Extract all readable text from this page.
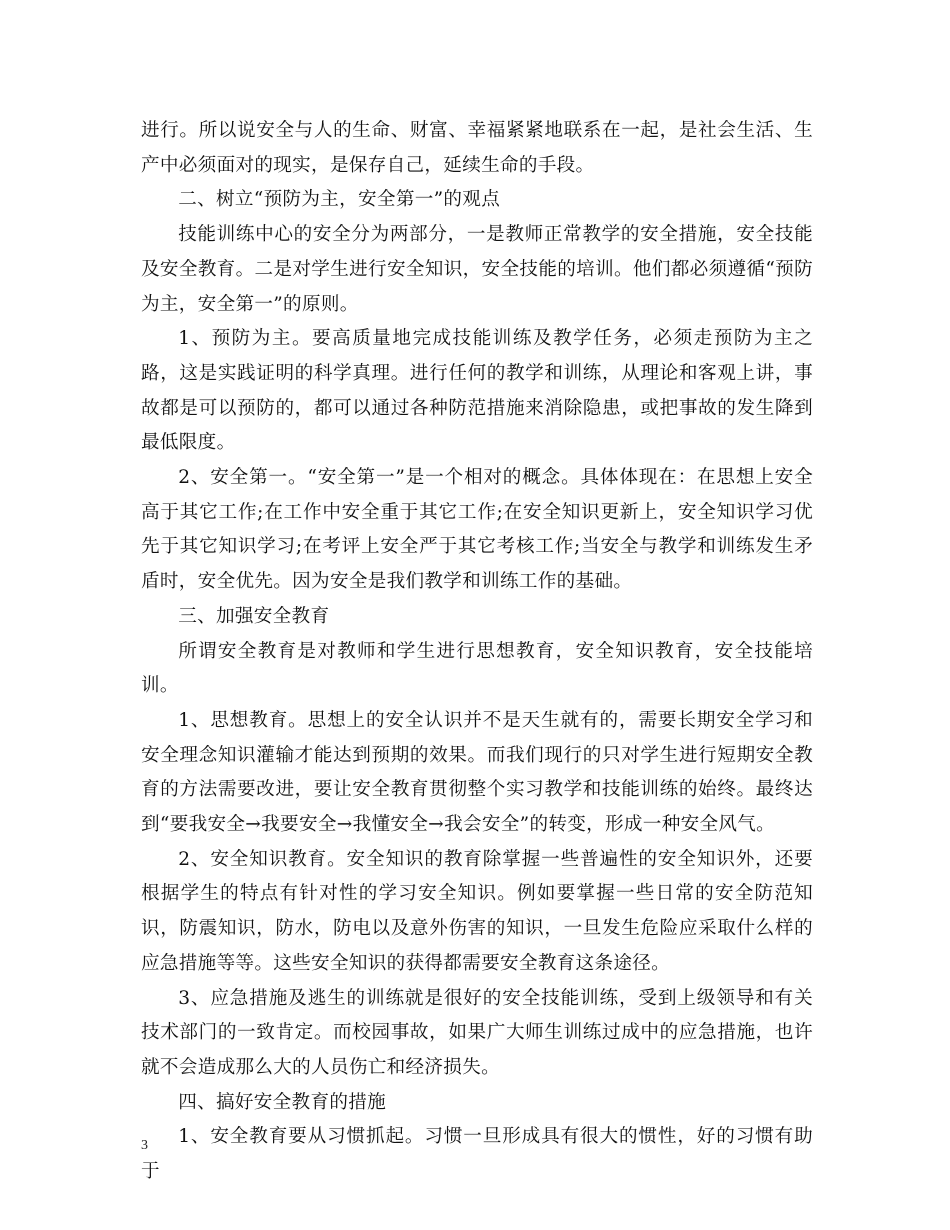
进行。所以说安全与人的生命、财富、幸福紧紧地联系在一起，是社会生活、生产中必须面对的现实，是保存自己，延续生命的手段。

二、树立“预防为主，安全第一”的观点

技能训练中心的安全分为两部分，一是教师正常教学的安全措施，安全技能及安全教育。二是对学生进行安全知识，安全技能的培训。他们都必须遵循“预防为主，安全第一”的原则。

1、预防为主。要高质量地完成技能训练及教学任务，必须走预防为主之路，这是实践证明的科学真理。进行任何的教学和训练，从理论和客观上讲，事故都是可以预防的，都可以通过各种防范措施来消除隐患，或把事故的发生降到最低限度。

2、安全第一。“安全第一”是一个相对的概念。具体体现在：在思想上安全高于其它工作;在工作中安全重于其它工作;在安全知识更新上，安全知识学习优先于其它知识学习;在考评上安全严于其它考核工作;当安全与教学和训练发生矛盾时，安全优先。因为安全是我们教学和训练工作的基础。

三、加强安全教育

所谓安全教育是对教师和学生进行思想教育，安全知识教育，安全技能培训。

1、思想教育。思想上的安全认识并不是天生就有的，需要长期安全学习和安全理念知识灌输才能达到预期的效果。而我们现行的只对学生进行短期安全教育的方法需要改进，要让安全教育贯彻整个实习教学和技能训练的始终。最终达到“要我安全→我要安全→我懂安全→我会安全”的转变，形成一种安全风气。

2、安全知识教育。安全知识的教育除掌握一些普遍性的安全知识外，还要根据学生的特点有针对性的学习安全知识。例如要掌握一些日常的安全防范知识，防震知识，防水，防电以及意外伤害的知识，一旦发生危险应采取什么样的应急措施等等。这些安全知识的获得都需要安全教育这条途径。

3、应急措施及逃生的训练就是很好的安全技能训练，受到上级领导和有关技术部门的一致肯定。而校园事故，如果广大师生训练过成中的应急措施，也许就不会造成那么大的人员伤亡和经济损失。

四、搞好安全教育的措施

1、安全教育要从习惯抓起。习惯一旦形成具有很大的惯性，好的习惯有助于

3
